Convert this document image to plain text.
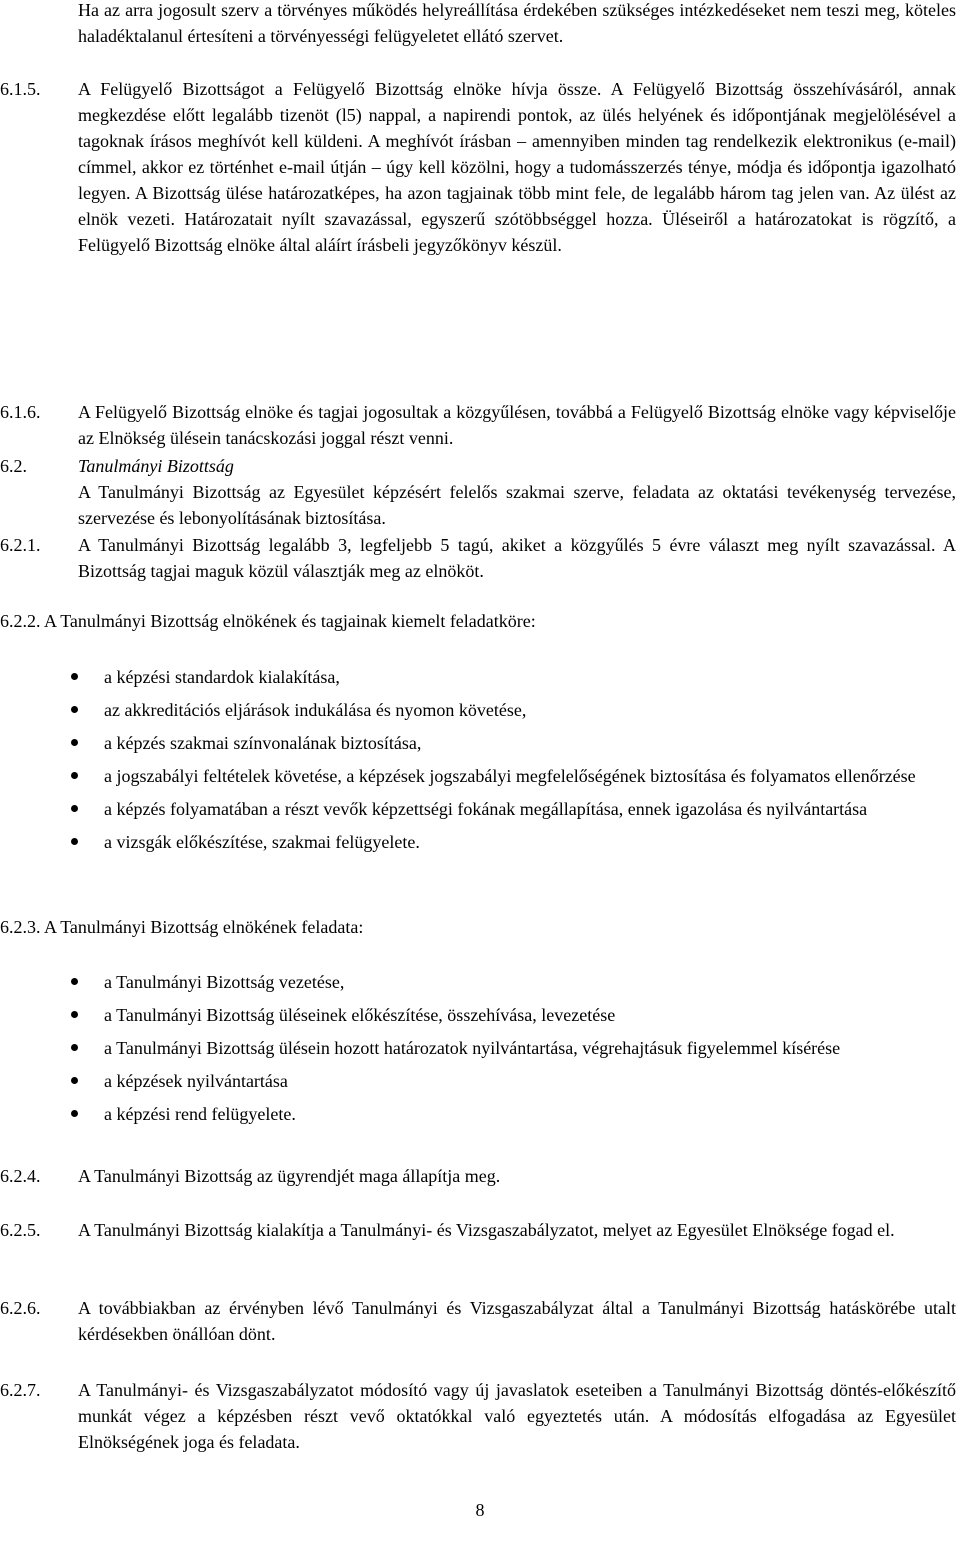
Ha az arra jogosult szerv a törvényes működés helyreállítása érdekében szükséges intézkedéseket nem teszi meg, köteles haladéktalanul értesíteni a törvényességi felügyeletet ellátó szervet.

6.1.5.	A Felügyelő Bizottságot a Felügyelő Bizottság elnöke hívja össze. A Felügyelő Bizottság összehívásáról, annak megkezdése előtt legalább tizenöt (l5) nappal, a napirendi pontok, az ülés helyének és időpontjának megjelölésével a tagoknak írásos meghívót kell küldeni. A meghívót írásban – amennyiben minden tag rendelkezik elektronikus (e-mail) címmel, akkor ez történhet e-mail útján – úgy kell közölni, hogy a tudomásszerzés ténye, módja és időpontja igazolható legyen. A Bizottság ülése határozatképes, ha azon tagjainak több mint fele, de legalább három tag jelen van. Az ülést az elnök vezeti. Határozatait nyílt szavazással, egyszerű szótöbbséggel hozza. Üléseiről a határozatokat is rögzítő, a Felügyelő Bizottság elnöke által aláírt írásbeli jegyzőkönyv készül.

6.1.6.	A Felügyelő Bizottság elnöke és tagjai jogosultak a közgyűlésen, továbbá a Felügyelő Bizottság elnöke vagy képviselője az Elnökség ülésein tanácskozási joggal részt venni.

6.2.	Tanulmányi Bizottság

A Tanulmányi Bizottság az Egyesület képzésért felelős szakmai szerve, feladata az oktatási tevékenység tervezése, szervezése és lebonyolításának biztosítása.

6.2.1.	A Tanulmányi Bizottság legalább 3, legfeljebb 5 tagú, akiket a közgyűlés 5 évre választ meg nyílt szavazással. A Bizottság tagjai maguk közül választják meg az elnököt.

6.2.2. A Tanulmányi Bizottság elnökének és tagjainak kiemelt feladatköre:

a képzési standardok kialakítása,
az akkreditációs eljárások indukálása és nyomon követése,
a képzés szakmai színvonalának biztosítása,
a jogszabályi feltételek követése, a képzések jogszabályi megfelelőségének biztosítása és folyamatos ellenőrzése
a képzés folyamatában a részt vevők képzettségi fokának megállapítása, ennek igazolása és nyilvántartása
a vizsgák előkészítése, szakmai felügyelete.

6.2.3. A Tanulmányi Bizottság elnökének feladata:

a Tanulmányi Bizottság vezetése,
a Tanulmányi Bizottság üléseinek előkészítése, összehívása, levezetése
a Tanulmányi Bizottság ülésein hozott határozatok nyilvántartása, végrehajtásuk figyelemmel kísérése
a képzések nyilvántartása
a képzési rend felügyelete.
6.2.4.	A Tanulmányi Bizottság az ügyrendjét maga állapítja meg.

6.2.5.	A Tanulmányi Bizottság kialakítja a Tanulmányi- és Vizsgaszabályzatot, melyet az Egyesület Elnöksége fogad el.

6.2.6.	A továbbiakban az érvényben lévő Tanulmányi és Vizsgaszabályzat által a Tanulmányi Bizottság hatáskörébe utalt kérdésekben önállóan dönt.

6.2.7.	A Tanulmányi- és Vizsgaszabályzatot módosító vagy új javaslatok eseteiben a Tanulmányi Bizottság döntés-előkészítő munkát végez a képzésben részt vevő oktatókkal való egyeztetés után. A módosítás elfogadása az Egyesület Elnökségének joga és feladata.

8
